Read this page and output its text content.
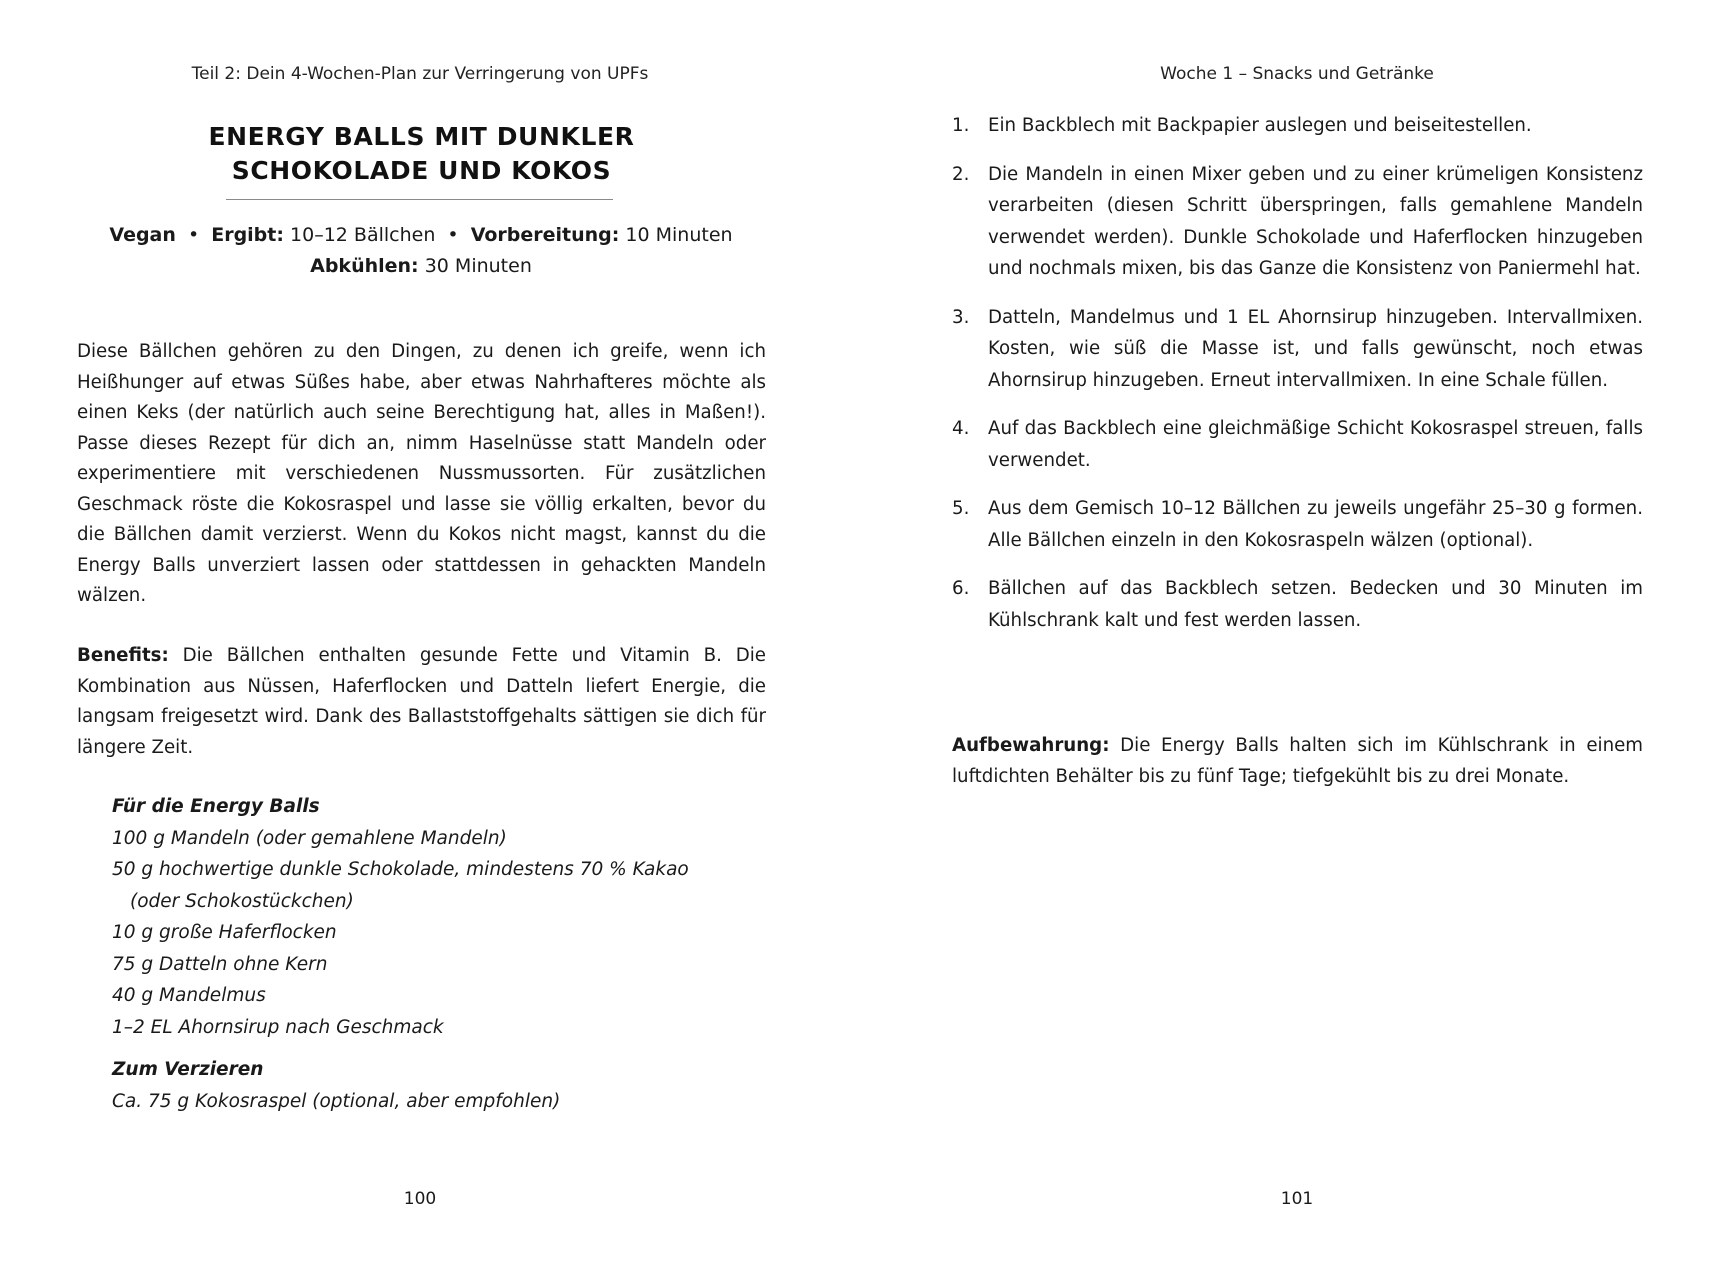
Teil 2: Dein 4-Wochen-Plan zur Verringerung von UPFs
ENERGY BALLS MIT DUNKLER
SCHOKOLADE UND KOKOS
Vegan • Ergibt: 10–12 Bällchen • Vorbereitung: 10 Minuten
Abkühlen: 30 Minuten

Diese Bällchen gehören zu den Dingen, zu denen ich greife, wenn ich Heißhunger auf etwas Süßes habe, aber etwas Nahrhafteres möchte als einen Keks (der natürlich auch seine Berechtigung hat, alles in Maßen!). Passe dieses Rezept für dich an, nimm Haselnüsse statt Mandeln oder experimentiere mit verschiedenen Nussmussorten. Für zusätzlichen Geschmack röste die Kokosraspel und lasse sie völlig erkalten, bevor du die Bällchen damit verzierst. Wenn du Kokos nicht magst, kannst du die Energy Balls unverziert lassen oder stattdessen in gehackten Mandeln wälzen.

Benefits: Die Bällchen enthalten gesunde Fette und Vitamin B. Die Kombination aus Nüssen, Haferflocken und Datteln liefert Energie, die langsam freigesetzt wird. Dank des Ballaststoffgehalts sättigen sie dich für längere Zeit.

Für die Energy Balls
100 g Mandeln (oder gemahlene Mandeln)
50 g hochwertige dunkle Schokolade, mindestens 70 % Kakao
(oder Schokostückchen)
10 g große Haferflocken
75 g Datteln ohne Kern
40 g Mandelmus
1–2 EL Ahornsirup nach Geschmack
Zum Verzieren
Ca. 75 g Kokosraspel (optional, aber empfohlen)
100
Woche 1 – Snacks und Getränke
1. Ein Backblech mit Backpapier auslegen und beiseitestellen.
2. Die Mandeln in einen Mixer geben und zu einer krümeligen Konsistenz verarbeiten (diesen Schritt überspringen, falls gemahlene Mandeln verwendet werden). Dunkle Schokolade und Haferflocken hinzugeben und nochmals mixen, bis das Ganze die Konsistenz von Paniermehl hat.
3. Datteln, Mandelmus und 1 EL Ahornsirup hinzugeben. Intervallmixen. Kosten, wie süß die Masse ist, und falls gewünscht, noch etwas Ahornsirup hinzugeben. Erneut intervallmixen. In eine Schale füllen.
4. Auf das Backblech eine gleichmäßige Schicht Kokosraspel streuen, falls verwendet.
5. Aus dem Gemisch 10–12 Bällchen zu jeweils ungefähr 25–30 g formen. Alle Bällchen einzeln in den Kokosraspeln wälzen (optional).
6. Bällchen auf das Backblech setzen. Bedecken und 30 Minuten im Kühlschrank kalt und fest werden lassen.

Aufbewahrung: Die Energy Balls halten sich im Kühlschrank in einem luftdichten Behälter bis zu fünf Tage; tiefgekühlt bis zu drei Monate.

101
